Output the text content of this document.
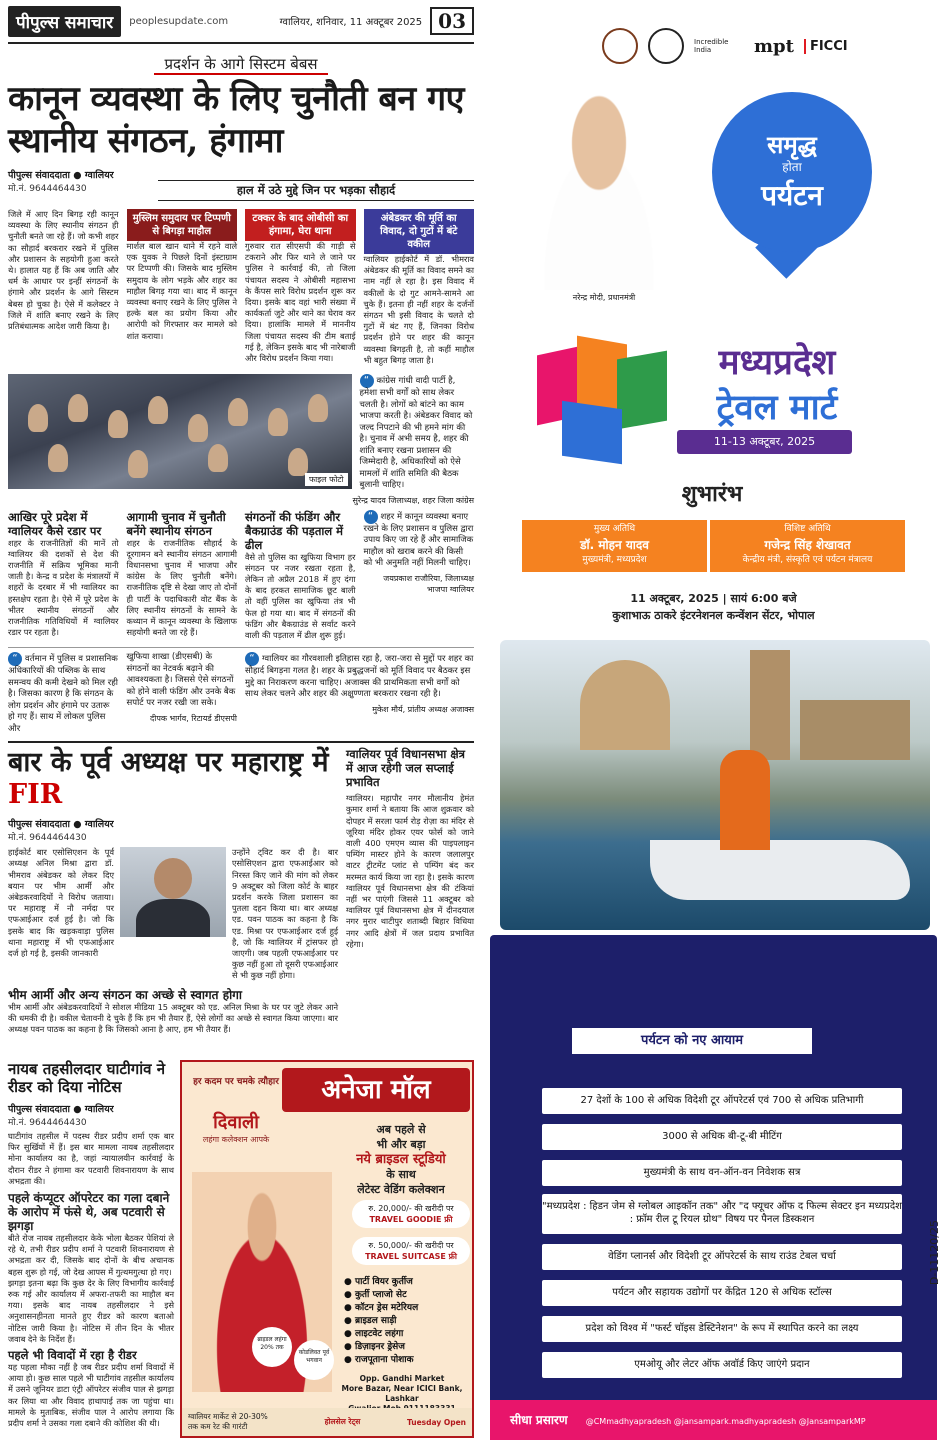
पीपुल्स समाचार	peoplesupdate.com	ग्वालियर, शनिवार, 11 अक्टूबर 2025 03
प्रदर्शन के आगे सिस्टम बेबस
कानून व्यवस्था के लिए चुनौती बन गए स्थानीय संगठन, हंगामा
पीपुल्स संवाददाता ● ग्वालियर
मो.नं. 9644464430	हाल में उठे मुद्दे जिन पर भड़का सौहार्द
जिले में आए दिन बिगड़ रही कानून व्यवस्था के लिए स्थानीय संगठन ही चुनौती बनते जा रहे हैं। जो कभी शहर का सौहार्द बरकरार रखने में पुलिस और प्रशासन के सहयोगी हुआ करते थे। हालात यह हैं कि अब जाति और धर्म के आधार पर इन्हीं संगठनों के हंगामे और प्रदर्शन के आगे सिस्टम बेबस हो चुका है। ऐसे में कलेक्टर ने जिले में शांति बनाए रखने के लिए प्रतिबंधात्मक आदेश जारी किया है।
मुस्लिम समुदाय पर टिप्पणी से बिगड़ा माहौल
मार्शल बाल खान थाने में रहने वाले एक युवक ने पिछले दिनों इंस्टाग्राम पर टिप्पणी की। जिसके बाद मुस्लिम समुदाय के लोग भड़के और शहर का माहौल बिगड़ गया था। बाद में कानून व्यवस्था बनाए रखने के लिए पुलिस ने हल्के बल का प्रयोग किया और आरोपी को गिरफ्तार कर मामले को शांत कराया।
टक्कर के बाद ओबीसी का हंगामा, घेरा थाना
गुरुवार रात सीएसपी की गाड़ी से टकराने और फिर थाने ले जाने पर पुलिस ने कार्रवाई की, तो जिला पंचायत सदस्य ने ओबीसी महासभा के कैंपस सारे विरोध प्रदर्शन शुरू कर दिया। इसके बाद वहां भारी संख्या में कार्यकर्ता जुटे और थाने का घेराव कर दिया। हालांकि मामले में माननीय जिला पंचायत सदस्य की टीम बताई गई है, लेकिन इसके बाद भी नारेबाजी और विरोध प्रदर्शन किया गया।
अंबेडकर की मूर्ति का विवाद, दो गुटों में बंटे वकील
ग्वालियर हाईकोर्ट में डॉ. भीमराव अंबेडकर की मूर्ति का विवाद समने का नाम नहीं ले रहा है। इस विवाद में वकीलों के दो गुट आमने-सामने आ चुके हैं। इतना ही नहीं शहर के दर्जनों संगठन भी इसी विवाद के चलते दो गुटों में बंट गए हैं, जिनका विरोध प्रदर्शन होने पर शहर की कानून व्यवस्था बिगड़ती है, तो कहीं माहौल भी बहुत बिगड़ जाता है।
फाइल फोटो
“ कांग्रेस गांधी वादी पार्टी है, हमेशा सभी वर्गों को साथ लेकर चलती है। लोगों को बांटने का काम भाजपा करती है। अंबेडकर विवाद को जल्द निपटाने की भी हमने मांग की है। चुनाव में अभी समय है, शहर की शांति बनाए रखना प्रशासन की जिम्मेदारी है, अधिकारियों को ऐसे मामलों में शांति समिति की बैठक बुलानी चाहिए।
सुरेन्द्र यादव जिलाध्यक्ष, शहर जिला कांग्रेस
आखिर पूरे प्रदेश में ग्वालियर कैसे रडार पर
शहर के राजनीतिज्ञों की मानें तो ग्वालियर की दशकों से देश की राजनीति में सक्रिय भूमिका मानी जाती है। केन्द्र व प्रदेश के मंत्रालयों में शहरों के दरबार में भी ग्वालियर का हस्तक्षेप रहता है। ऐसे में पूरे प्रदेश के भीतर स्थानीय संगठनों और राजनीतिक गतिविधियों में ग्वालियर रडार पर रहता है।
आगामी चुनाव में चुनौती बनेंगे स्थानीय संगठन
शहर के राजनीतिक सौहार्द के दूरगामन बने स्थानीय संगठन आगामी विधानसभा चुनाव में भाजपा और कांग्रेस के लिए चुनौती बनेंगे। राजनीतिक दृष्टि से देखा जाए तो दोनों ही पार्टी के पदाधिकारी वोट बैंक के लिए स्थानीय संगठनों के सामने के कथ्यान में कानून व्यवस्था के खिलाफ सहयोगी बनते जा रहे हैं।
संगठनों की फंडिंग और बैकग्राउंड की पड़ताल में ढील
वैसे तो पुलिस का खुफिया विभाग हर संगठन पर नजर रखता रहता है, लेकिन तो अप्रैल 2018 में हुए दंगा के बाद हरकत सामाजिक छूट बाली तो वहीं पुलिस का खुफिया तंत्र भी फेल हो गया था। बाद में संगठनों की फंडिंग और बैकग्राउंड से सर्वाट करने वाली की पड़ताल में ढील शुरू हुई।
“ शहर में कानून व्यवस्था बनाए रखने के लिए प्रशासन व पुलिस द्वारा उपाय किए जा रहे हैं और सामाजिक माहौल को खराब करने की किसी को भी अनुमति नहीं मिलनी चाहिए।
जयप्रकाश राजौरिया, जिलाध्यक्ष भाजपा ग्वालियर
“ वर्तमान में पुलिस व प्रशासनिक अधिकारियों की पब्लिक के साथ समन्वय की कमी देखने को मिल रही है। जिसका कारण है कि संगठन के लोग प्रदर्शन और हंगामे पर उतारू हो गए हैं। साथ में लोकल पुलिस और
खुफिया शाखा (डीएसबी) के संगठनों का नेटवर्क बढ़ाने की आवश्यकता है। जिससे ऐसे संगठनों को होने वाली फंडिंग और उनके बैक सपोर्ट पर नजर रखी जा सके।
दीपक भार्गव, रिटायर्ड डीएसपी
“ ग्वालियर का गौरवशाली इतिहास रहा है, जरा-जरा से मुद्दों पर शहर का सौहार्द बिगड़ना गलत है। शहर के प्रबुद्धजनों को मूर्ति विवाद पर बैठकर इस मुद्दे का निराकरण करना चाहिए। अजाक्स की प्राथमिकता सभी वर्गों को साथ लेकर चलने और शहर की अक्षुण्णता बरकरार रखना रही है।
मुकेश मौर्य, प्रांतीय अध्यक्ष अजाक्स
बार के पूर्व अध्यक्ष पर महाराष्ट्र में FIR
पीपुल्स संवाददाता ● ग्वालियर
मो.नं. 9644464430
हाईकोर्ट बार एसोसिएशन के पूर्व अध्यक्ष अनिल मिश्रा द्वारा डॉ. भीमराव अंबेडकर को लेकर दिए बयान पर भीम आर्मी और अंबेडकरवादियों ने विरोध जताया। पर महाराष्ट्र में नौ नर्मदा पर एफआईआर दर्ज हुई है। जो कि इसके बाद कि खड़कवाड़ा पुलिस थाना महाराष्ट्र में भी एफआईआर दर्ज हो गई है, इसकी जानकारी
उन्होंने ट्विट कर दी है। बार एसोसिएशन द्वारा एफआईआर को निरस्त किए जाने की मांग को लेकर 9 अक्टूबर को जिला कोर्ट के बाहर प्रदर्शन करके जिला प्रशासन का पुतला दहन किया था। बार अध्यक्ष एड. पवन पाठक का कहना है कि एड. मिश्रा पर एफआईआर दर्ज हुई है, जो कि ग्वालियर में ट्रांसफर हो जाएगी। जब पहली एफआईआर पर कुछ नहीं हुआ तो दूसरी एफआईआर से भी कुछ नहीं होगा।
भीम आर्मी और अन्य संगठन का अच्छे से स्वागत होगा
भीम आर्मी और अंबेडकरवादियों ने सोशल मीडिया 15 अक्टूबर को एड. अनिल मिश्रा के घर पर जुटे लेकर आने की धमकी दी है। वकील चेतावनी दे चुके हैं कि हम भी तैयार हैं, ऐसे लोगों का अच्छे से स्वागत किया जाएगा। बार अध्यक्ष पवन पाठक का कहना है कि जिसको आना है आए, हम भी तैयार हैं।
ग्वालियर पूर्व विधानसभा क्षेत्र में आज रहेगी जल सप्लाई प्रभावित
ग्वालियर। महापौर नगर मौलानीय हेमंत कुमार शर्मा ने बताया कि आज शुक्रवार को दोपहर में सरला फार्म रोड़ रोज़ा का मंदिर से जूरिया मंदिर होकर एयर फोर्स को जाने वाली 400 एमएम व्यास की पाइपलाइन पम्पिंग मास्टर होने के कारण जलालपुर वाटर ट्रीटमेंट प्लांट से पम्पिंग बंद कर मरम्मत कार्य किया जा रहा है। इसके कारण ग्वालियर पूर्व विधानसभा क्षेत्र की टंकियां नहीं भर पाएंगी जिससे 11 अक्टूबर को ग्वालियर पूर्व विधानसभा क्षेत्र में दीनदयाल नगर मुरार थाटीपुर शताब्दी बिहार विधिया नगर आदि क्षेत्रों में जल प्रदाय प्रभावित रहेगा।
नायब तहसीलदार घाटीगांव ने रीडर को दिया नोटिस
पीपुल्स संवाददाता ● ग्वालियर
मो.नं. 9644464430
घाटीगांव तहसील में पदस्थ रीडर प्रदीप शर्मा एक बार फिर सुर्खियों में हैं। इस बार मामला नायब तहसीलदार मोना कार्यालय का है, जहां न्यायालयीन कार्रवाई के दौरान रीडर ने हंगामा कर पटवारी शिवनारायण के साथ अभद्रता की।
पहले कंप्यूटर ऑपरेटर का गला दबाने के आरोप में फंसे थे, अब पटवारी से झगड़ा
बीते रोज नायब तहसीलदार केके भोला बैठकर पेशियां ले रहे थे, तभी रीडर प्रदीप शर्मा ने पटवारी शिवनारायण से अभद्रता कर दी, जिसके बाद दोनों के बीच अचानक बहस शुरू हो गई, जो देख आपस में गुत्थमगुत्था हो गए।
झगड़ा इतना बढ़ा कि कुछ देर के लिए विभागीय कार्रवाई रुक गई और कार्यालय में अफरा-तफरी का माहौल बन गया। इसके बाद नायब तहसीलदार ने इसे अनुशासनहीनता मानते हुए रीडर को कारण बताओ नोटिस जारी किया है। नोटिस में तीन दिन के भीतर जवाब देने के निर्देश हैं।
पहले भी विवादों में रहा है रीडर
यह पहला मौका नहीं है जब रीडर प्रदीप शर्मा विवादों में आया हो। कुछ साल पहले भी घाटीगांव तहसील कार्यालय में उसने जूनियर डाटा एंट्री ऑपरेटर संजीव पाल से झगड़ा कर लिया था और विवाद हाथापाई तक जा पहुंचा था। मामले के मुताबिक, संजीव पाल ने आरोप लगाया कि प्रदीप शर्मा ने उसका गला दबाने की कोशिश की थी।
अनेजा मॉल
हर कदम पर चमके त्यौहार
दिवाली
लहंगा कलेक्शन आपके
अब पहले से
भी और बड़ा
नये ब्राइडल स्टूडियो
के साथ
लेटेस्ट वेडिंग कलेक्शन
रु. 20,000/- की खरीदी पर TRAVEL GOODIE फ्री
रु. 50,000/- की खरीदी पर TRAVEL SUITCASE फ्री
● पार्टी वियर कुर्तीज
● कुर्ती प्लाजो सेट
● कॉटन ड्रेस मटेरियल
● ब्राइडल साड़ी
● लाइटवेट लहंगा
● डिज़ाइनर ड्रेसेज
● राजपूताना पोशाक
Opp. Gandhi Market
More Bazar, Near ICICI Bank, Lashkar
ब्राइडल लहंगा 20% तक
कोडलिवत पूर्व भगवान
ग्वालियर मार्केट से 20-30% तक कम रेट की गारंटी
होलसेल रेट्स	Tuesday Open
Incredible India	mpt	FICCI
नरेन्द्र मोदी, प्रधानमंत्री
समृद्ध
होता
पर्यटन
मध्यप्रदेश
ट्रेवल मार्ट
11-13 अक्टूबर, 2025
शुभारंभ
मुख्य अतिथि
डॉ. मोहन यादव
मुख्यमंत्री, मध्यप्रदेश
विशिष्ट अतिथि
गजेन्द्र सिंह शेखावत
केन्द्रीय मंत्री, संस्कृति एवं पर्यटन मंत्रालय
11 अक्टूबर, 2025 | सायं 6:00 बजे
कुशाभाऊ ठाकरे इंटरनेशनल कन्वेंशन सेंटर, भोपाल
पर्यटन को नए आयाम
27 देशों के 100 से अधिक विदेशी टूर ऑपरेटर्स एवं 700 से अधिक प्रतिभागी
3000 से अधिक बी-टू-बी मीटिंग
मुख्यमंत्री के साथ वन-ऑन-वन निवेशक सत्र
"मध्यप्रदेश : हिडन जेम से ग्लोबल आइकॉन तक" और "द फ्यूचर ऑफ द फिल्म सेक्टर इन मध्यप्रदेश : फ्रॉम रील टू रियल ग्रोथ" विषय पर पैनल डिस्कशन
वेडिंग प्लानर्स और विदेशी टूर ऑपरेटर्स के साथ राउंड टेबल चर्चा
पर्यटन और सहायक उद्योगों पर केंद्रित 120 से अधिक स्टॉल्स
प्रदेश को विश्व में "फर्स्ट चॉइस डेस्टिनेशन" के रूप में स्थापित करने का लक्ष्य
एमओयू और लेटर ऑफ अवॉर्ड किए जाएंगे प्रदान
सीधा प्रसारण @CMmadhyapradesh @jansampark.madhyapradesh @JansamparkMP
D-11120/25
